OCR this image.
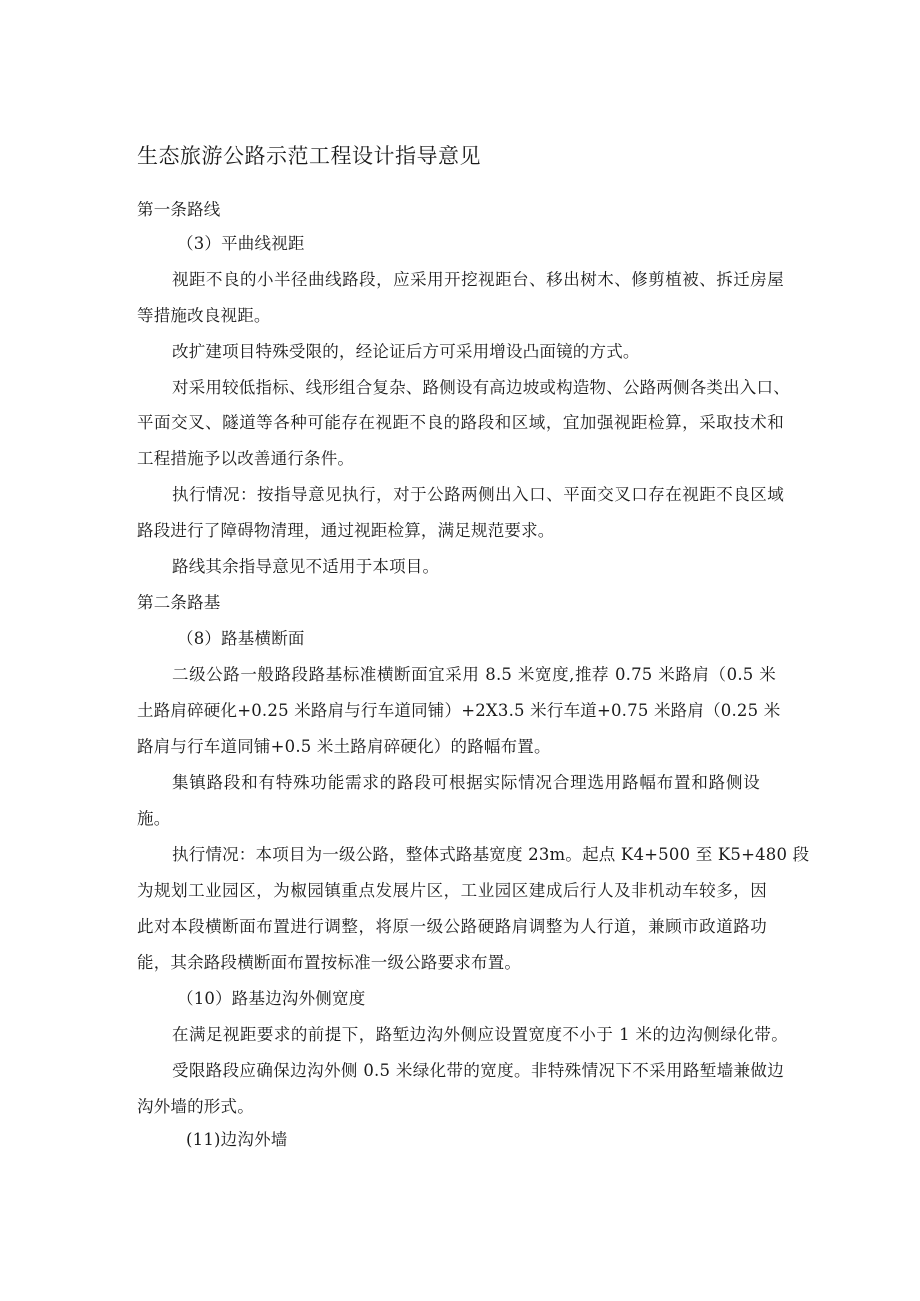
生态旅游公路示范工程设计指导意见
第一条路线
（3）平曲线视距
视距不良的小半径曲线路段，应采用开挖视距台、移出树木、修剪植被、拆迁房屋
等措施改良视距。
改扩建项目特殊受限的，经论证后方可采用增设凸面镜的方式。
对采用较低指标、线形组合复杂、路侧设有高边坡或构造物、公路两侧各类出入口、
平面交叉、隧道等各种可能存在视距不良的路段和区域，宜加强视距检算，采取技术和
工程措施予以改善通行条件。
执行情况：按指导意见执行，对于公路两侧出入口、平面交叉口存在视距不良区域
路段进行了障碍物清理，通过视距检算，满足规范要求。
路线其余指导意见不适用于本项目。
第二条路基
（8）路基横断面
二级公路一般路段路基标准横断面宜采用 8.5 米宽度,推荐 0.75 米路肩（0.5 米
土路肩碎硬化+0.25 米路肩与行车道同铺）+2X3.5 米行车道+0.75 米路肩（0.25 米
路肩与行车道同铺+0.5 米土路肩碎硬化）的路幅布置。
集镇路段和有特殊功能需求的路段可根据实际情况合理选用路幅布置和路侧设
施。
执行情况：本项目为一级公路，整体式路基宽度 23m。起点 K4+500 至 K5+480 段
为规划工业园区，为椒园镇重点发展片区，工业园区建成后行人及非机动车较多，因
此对本段横断面布置进行调整，将原一级公路硬路肩调整为人行道，兼顾市政道路功
能，其余路段横断面布置按标准一级公路要求布置。
（10）路基边沟外侧宽度
在满足视距要求的前提下，路堑边沟外侧应设置宽度不小于 1 米的边沟侧绿化带。
受限路段应确保边沟外侧 0.5 米绿化带的宽度。非特殊情况下不采用路堑墙兼做边
沟外墙的形式。
(11)边沟外墙
